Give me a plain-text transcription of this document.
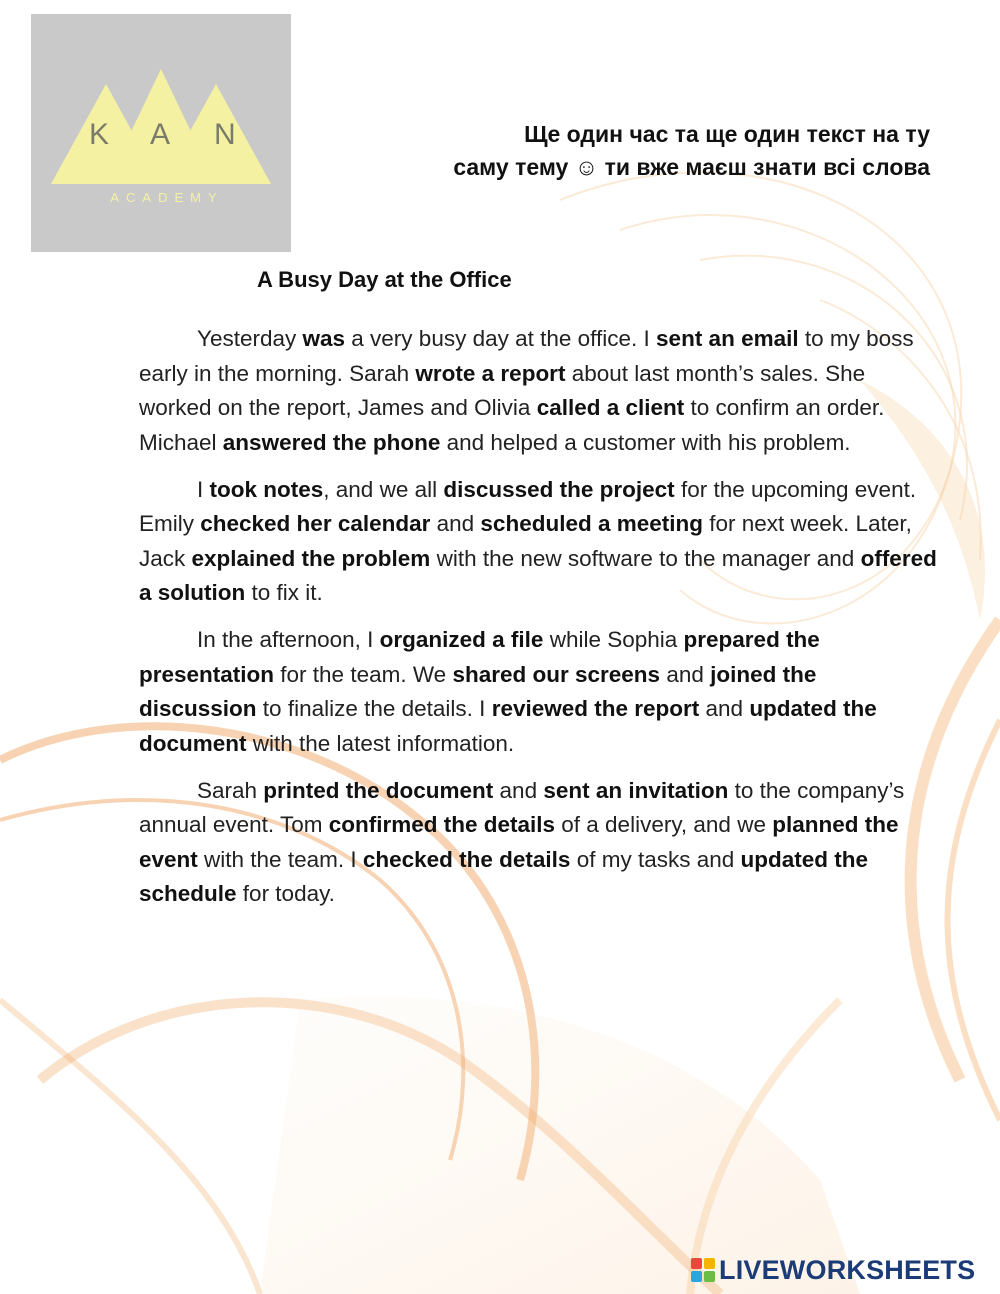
K A N
ACADEMY
Ще один час та ще один текст на ту
саму тему ☺ ти вже маєш знати всі слова
A Busy Day at the Office

Yesterday was a very busy day at the office. I sent an email to my boss early in the morning. Sarah wrote a report about last month’s sales. She worked on the report, James and Olivia called a client to confirm an order. Michael answered the phone and helped a customer with his problem.

I took notes, and we all discussed the project for the upcoming event. Emily checked her calendar and scheduled a meeting for next week. Later, Jack explained the problem with the new software to the manager and offered a solution to fix it.

In the afternoon, I organized a file while Sophia prepared the presentation for the team. We shared our screens and joined the discussion to finalize the details. I reviewed the report and updated the document with the latest information.

Sarah printed the document and sent an invitation to the company’s annual event. Tom confirmed the details of a delivery, and we planned the event with the team. I checked the details of my tasks and updated the schedule for today.

LIVEWORKSHEETS
